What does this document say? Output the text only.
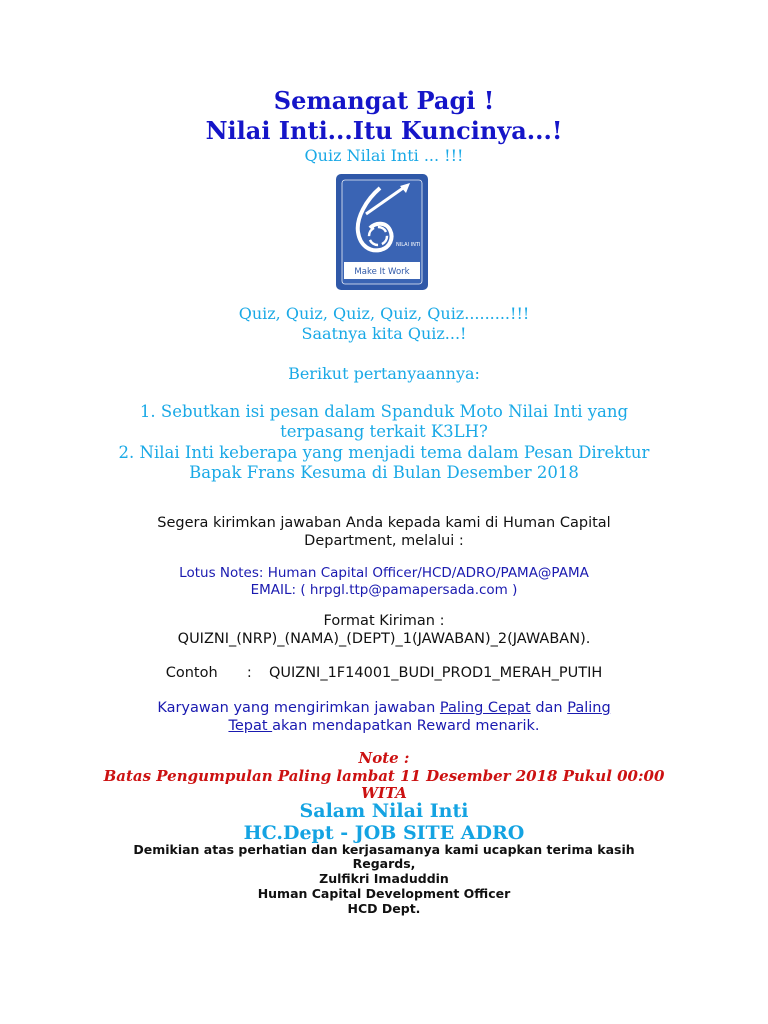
Semangat Pagi !

Nilai Inti...Itu Kuncinya...!

Quiz Nilai Inti ... !!!

NILAI INTI
Make It Work

Quiz, Quiz, Quiz, Quiz, Quiz.........!!!

Saatnya kita Quiz...!

Berikut pertanyaannya:

1. Sebutkan isi pesan dalam Spanduk Moto Nilai Inti yang

terpasang terkait K3LH?

2. Nilai Inti keberapa yang menjadi tema dalam Pesan Direktur

Bapak Frans Kesuma di Bulan Desember 2018

Segera kirimkan jawaban Anda kepada kami di Human Capital

Department, melalui :

Lotus Notes: Human Capital Officer/HCD/ADRO/PAMA@PAMA

EMAIL: ( hrpgl.ttp@pamapersada.com )

Format Kiriman :

QUIZNI_(NRP)_(NAMA)_(DEPT)_1(JAWABAN)_2(JAWABAN).

Contoh : QUIZNI_1F14001_BUDI_PROD1_MERAH_PUTIH
Karyawan yang mengirimkan jawaban Paling Cepat dan Paling
Tepat akan mendapatkan Reward menarik.

Note :

Batas Pengumpulan Paling lambat 11 Desember 2018 Pukul 00:00

WITA

Salam Nilai Inti

HC.Dept - JOB SITE ADRO

Demikian atas perhatian dan kerjasamanya kami ucapkan terima kasih

Regards,

Zulfikri Imaduddin

Human Capital Development Officer

HCD Dept.
